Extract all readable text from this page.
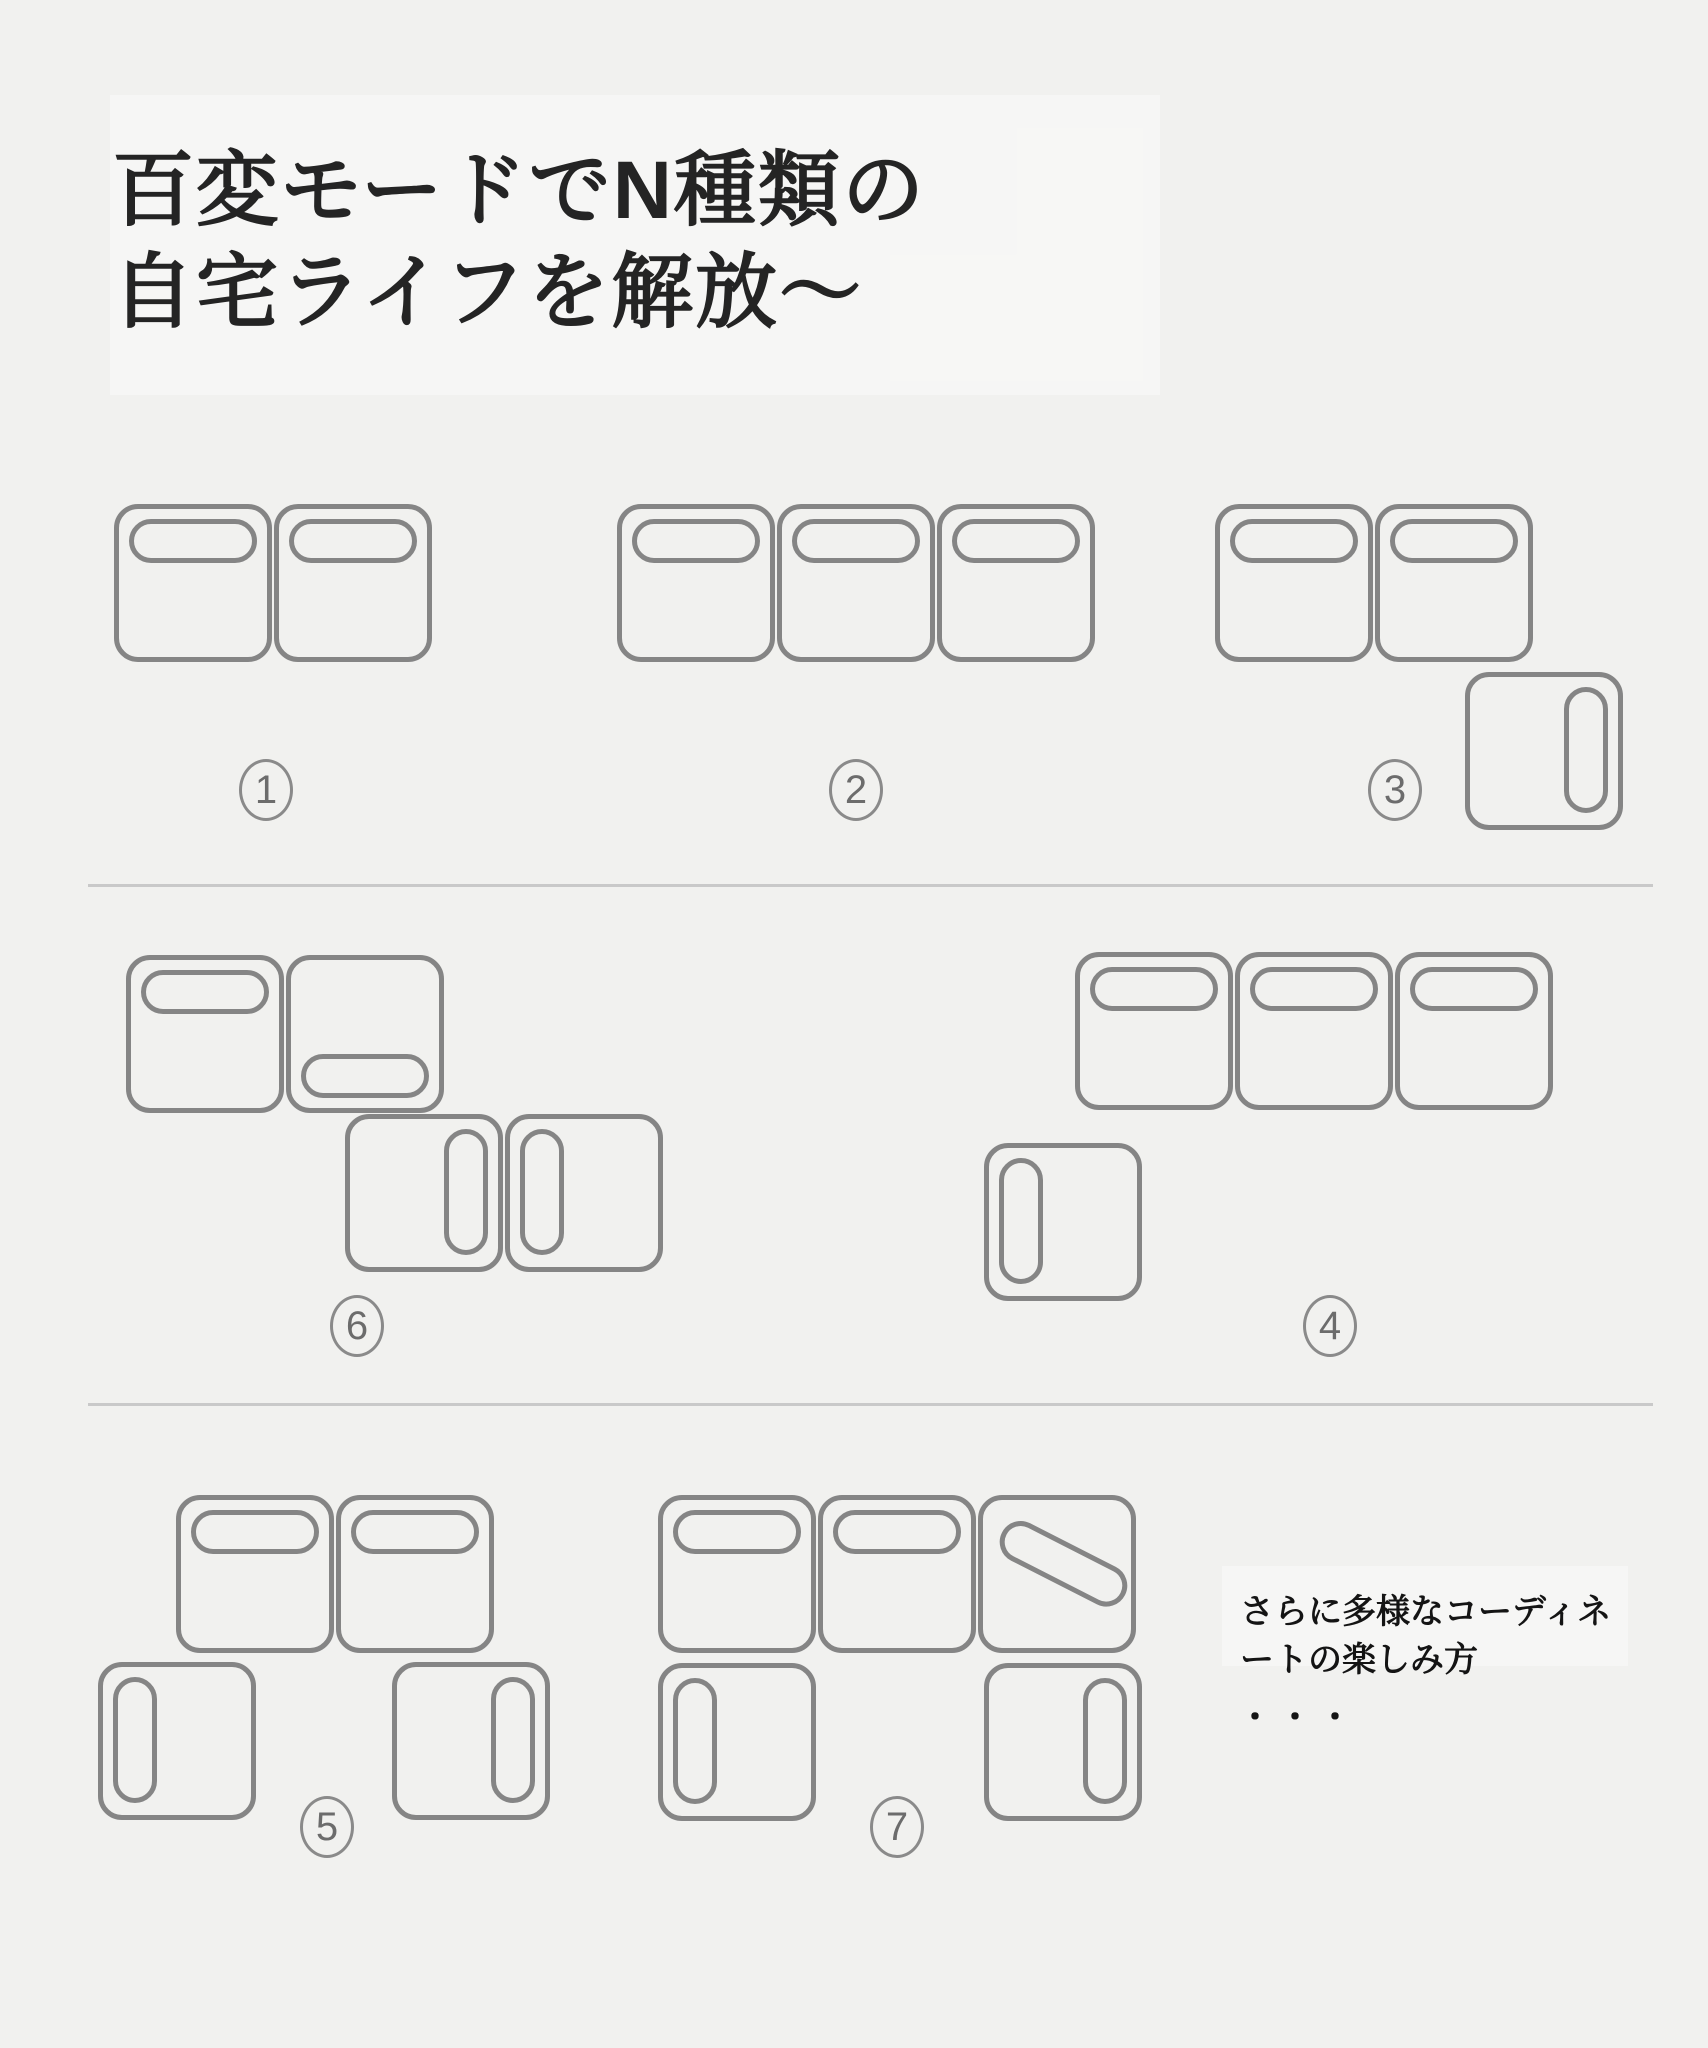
百変モードでN種類の
自宅ライフを解放～
1	2	3
6	4
5	7
さらに多様なコーディネ
ートの楽しみ方
・・・
